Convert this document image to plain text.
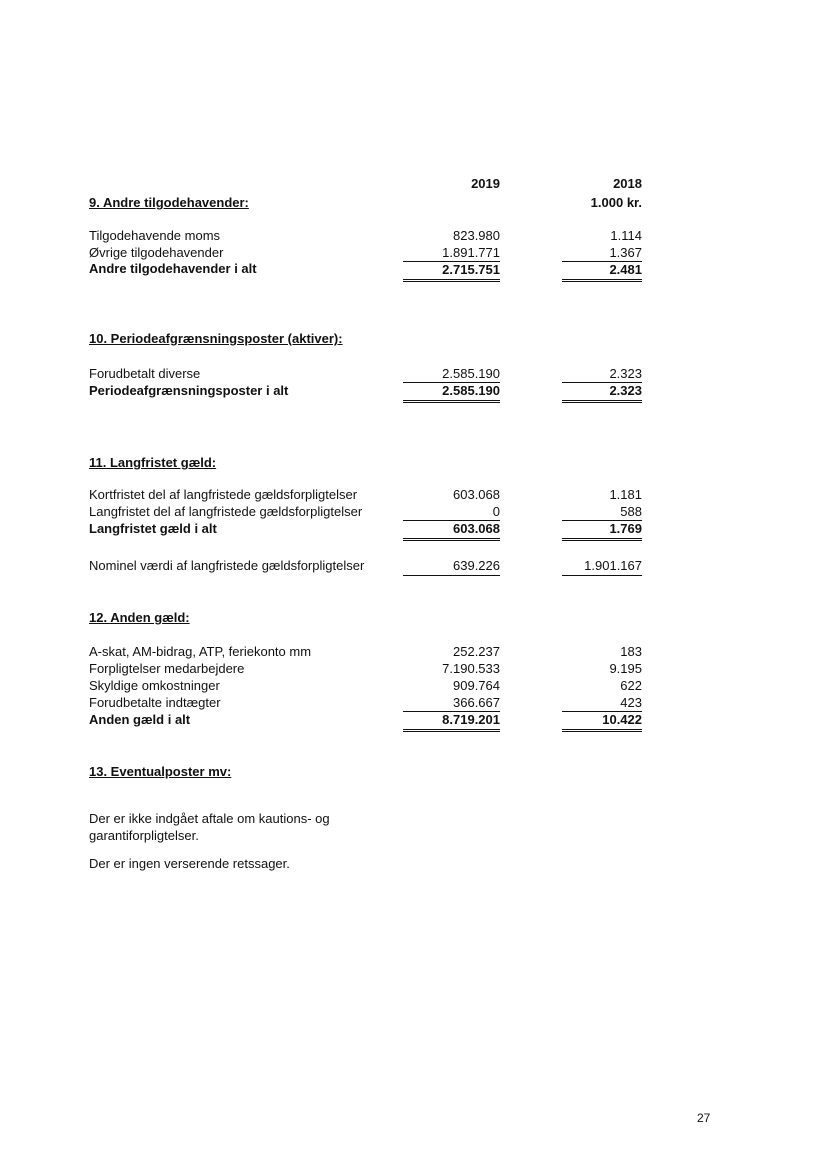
2019	2018
1.000 kr.
9. Andre tilgodehavender:
Tilgodehavende moms	823.980	1.114
Øvrige tilgodehavender	1.891.771	1.367
Andre tilgodehavender i alt	2.715.751	2.481
10. Periodeafgrænsningsposter (aktiver):
Forudbetalt diverse	2.585.190	2.323
Periodeafgrænsningsposter i alt	2.585.190	2.323
11. Langfristet gæld:
Kortfristet del af langfristede gældsforpligtelser	603.068	1.181
Langfristet del af langfristede gældsforpligtelser	0	588
Langfristet gæld i alt	603.068	1.769
Nominel værdi af langfristede gældsforpligtelser	639.226	1.901.167
12. Anden gæld:
A-skat, AM-bidrag, ATP, feriekonto mm	252.237	183
Forpligtelser medarbejdere	7.190.533	9.195
Skyldige omkostninger	909.764	622
Forudbetalte indtægter	366.667	423
Anden gæld i alt	8.719.201	10.422
13. Eventualposter mv:
Der er ikke indgået aftale om kautions- og garantiforpligtelser.
Der er ingen verserende retssager.
27
